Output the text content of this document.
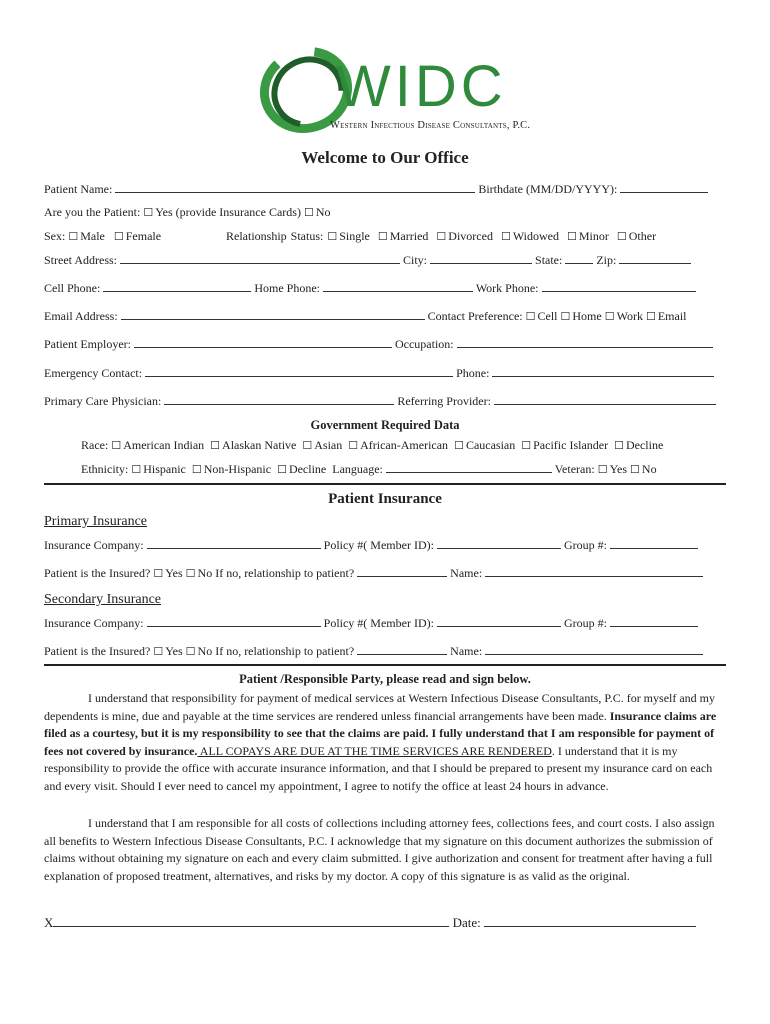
WIDC
Western Infectious Disease Consultants, P.C.
Welcome to Our Office
Patient Name:	Birthdate (MM/DD/YYYY):
Are you the Patient: ☐ Yes (provide Insurance Cards) ☐ No
Sex: ☐ Male ☐ Female	Relationship Status: ☐ Single ☐ Married ☐ Divorced ☐ Widowed ☐ Minor ☐ Other
Street Address:	City:	State:	Zip:
Cell Phone:	Home Phone:	Work Phone:
Email Address:	Contact Preference: ☐ Cell ☐ Home ☐ Work ☐ Email
Patient Employer:	Occupation:
Emergency Contact:	Phone:
Primary Care Physician:	Referring Provider:
Government Required Data
Race: ☐ American Indian ☐ Alaskan Native ☐ Asian ☐ African-American ☐ Caucasian ☐ Pacific Islander ☐ Decline
Ethnicity: ☐ Hispanic ☐ Non-Hispanic ☐ Decline Language:	Veteran: ☐ Yes ☐ No
Patient Insurance
Primary Insurance
Insurance Company:	Policy #( Member ID):	Group #:
Patient is the Insured? ☐ Yes ☐ No If no, relationship to patient?	Name:
Secondary Insurance
Insurance Company:	Policy #( Member ID):	Group #:
Patient is the Insured? ☐ Yes ☐ No If no, relationship to patient?	Name:
Patient /Responsible Party, please read and sign below.
I understand that responsibility for payment of medical services at Western Infectious Disease Consultants, P.C. for myself and my dependents is mine, due and payable at the time services are rendered unless financial arrangements have been made. Insurance claims are filed as a courtesy, but it is my responsibility to see that the claims are paid. I fully understand that I am responsible for payment of fees not covered by insurance. ALL COPAYS ARE DUE AT THE TIME SERVICES ARE RENDERED. I understand that it is my responsibility to provide the office with accurate insurance information, and that I should be prepared to present my insurance card on each and every visit. Should I ever need to cancel my appointment, I agree to notify the office at least 24 hours in advance.
I understand that I am responsible for all costs of collections including attorney fees, collections fees, and court costs. I also assign all benefits to Western Infectious Disease Consultants, P.C. I acknowledge that my signature on this document authorizes the submission of claims without obtaining my signature on each and every claim submitted. I give authorization and consent for treatment after having a full explanation of proposed treatment, alternatives, and risks by my doctor. A copy of this signature is as valid as the original.
X	Date:
